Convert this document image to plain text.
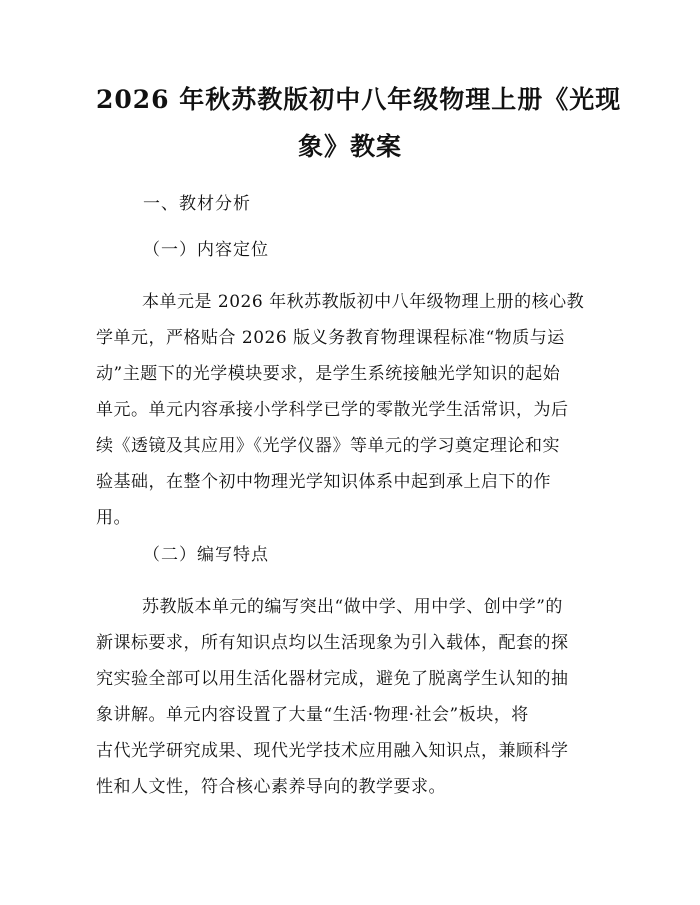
2026 年秋苏教版初中八年级物理上册《光现
象》教案
一、教材分析
（一）内容定位
本单元是 2026 年秋苏教版初中八年级物理上册的核心教
学单元，严格贴合 2026 版义务教育物理课程标准“物质与运
动”主题下的光学模块要求，是学生系统接触光学知识的起始
单元。单元内容承接小学科学已学的零散光学生活常识，为后
续《透镜及其应用》《光学仪器》等单元的学习奠定理论和实
验基础，在整个初中物理光学知识体系中起到承上启下的作
用。
（二）编写特点
苏教版本单元的编写突出“做中学、用中学、创中学”的
新课标要求，所有知识点均以生活现象为引入载体，配套的探
究实验全部可以用生活化器材完成，避免了脱离学生认知的抽
象讲解。单元内容设置了大量“生活·物理·社会”板块，将
古代光学研究成果、现代光学技术应用融入知识点，兼顾科学
性和人文性，符合核心素养导向的教学要求。
